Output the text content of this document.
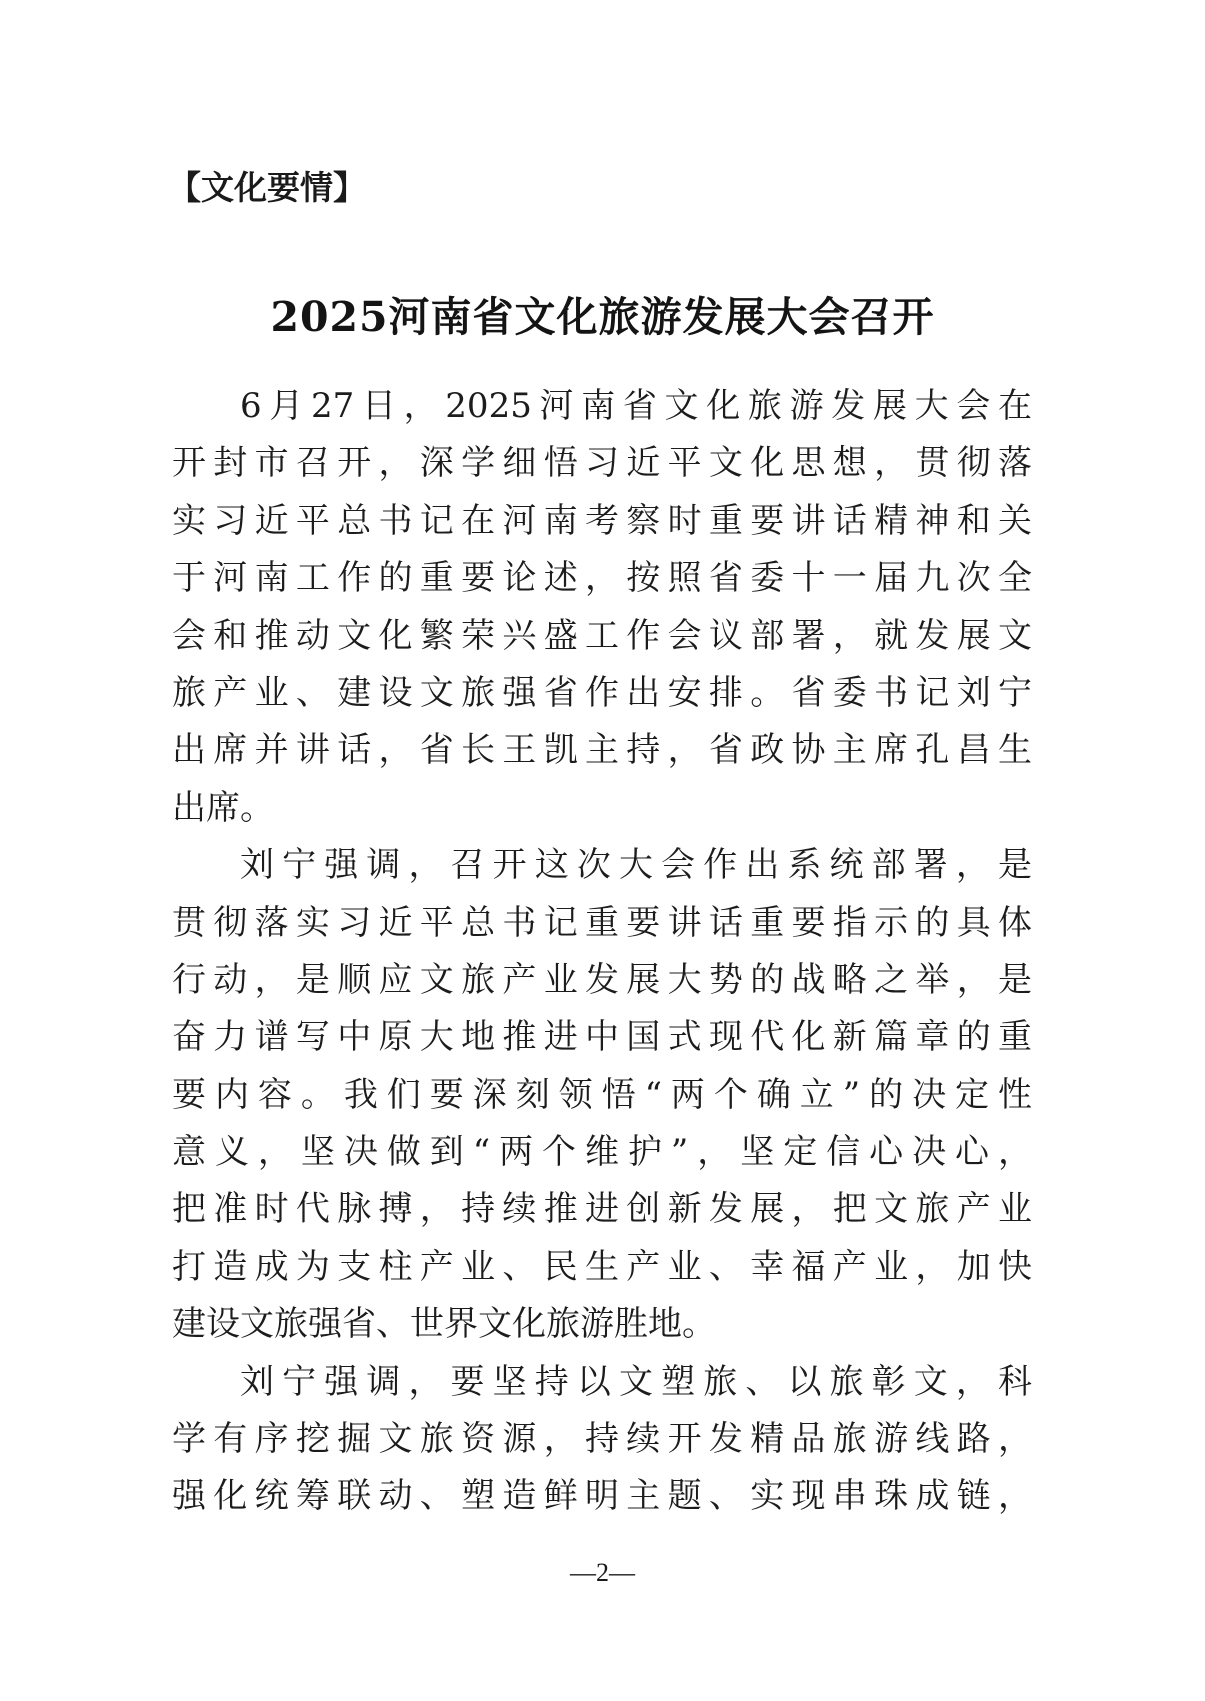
【文化要情】
2025河南省文化旅游发展大会召开
6月27日，2025河南省文化旅游发展大会在
开封市召开，深学细悟习近平文化思想，贯彻落
实习近平总书记在河南考察时重要讲话精神和关
于河南工作的重要论述，按照省委十一届九次全
会和推动文化繁荣兴盛工作会议部署，就发展文
旅产业、建设文旅强省作出安排。省委书记刘宁
出席并讲话，省长王凯主持，省政协主席孔昌生
出席。
刘宁强调，召开这次大会作出系统部署，是
贯彻落实习近平总书记重要讲话重要指示的具体
行动，是顺应文旅产业发展大势的战略之举，是
奋力谱写中原大地推进中国式现代化新篇章的重
要内容。我们要深刻领悟“两个确立”的决定性
意义，坚决做到“两个维护”，坚定信心决心，
把准时代脉搏，持续推进创新发展，把文旅产业
打造成为支柱产业、民生产业、幸福产业，加快
建设文旅强省、世界文化旅游胜地。
刘宁强调，要坚持以文塑旅、以旅彰文，科
学有序挖掘文旅资源，持续开发精品旅游线路，
强化统筹联动、塑造鲜明主题、实现串珠成链，
—2—
